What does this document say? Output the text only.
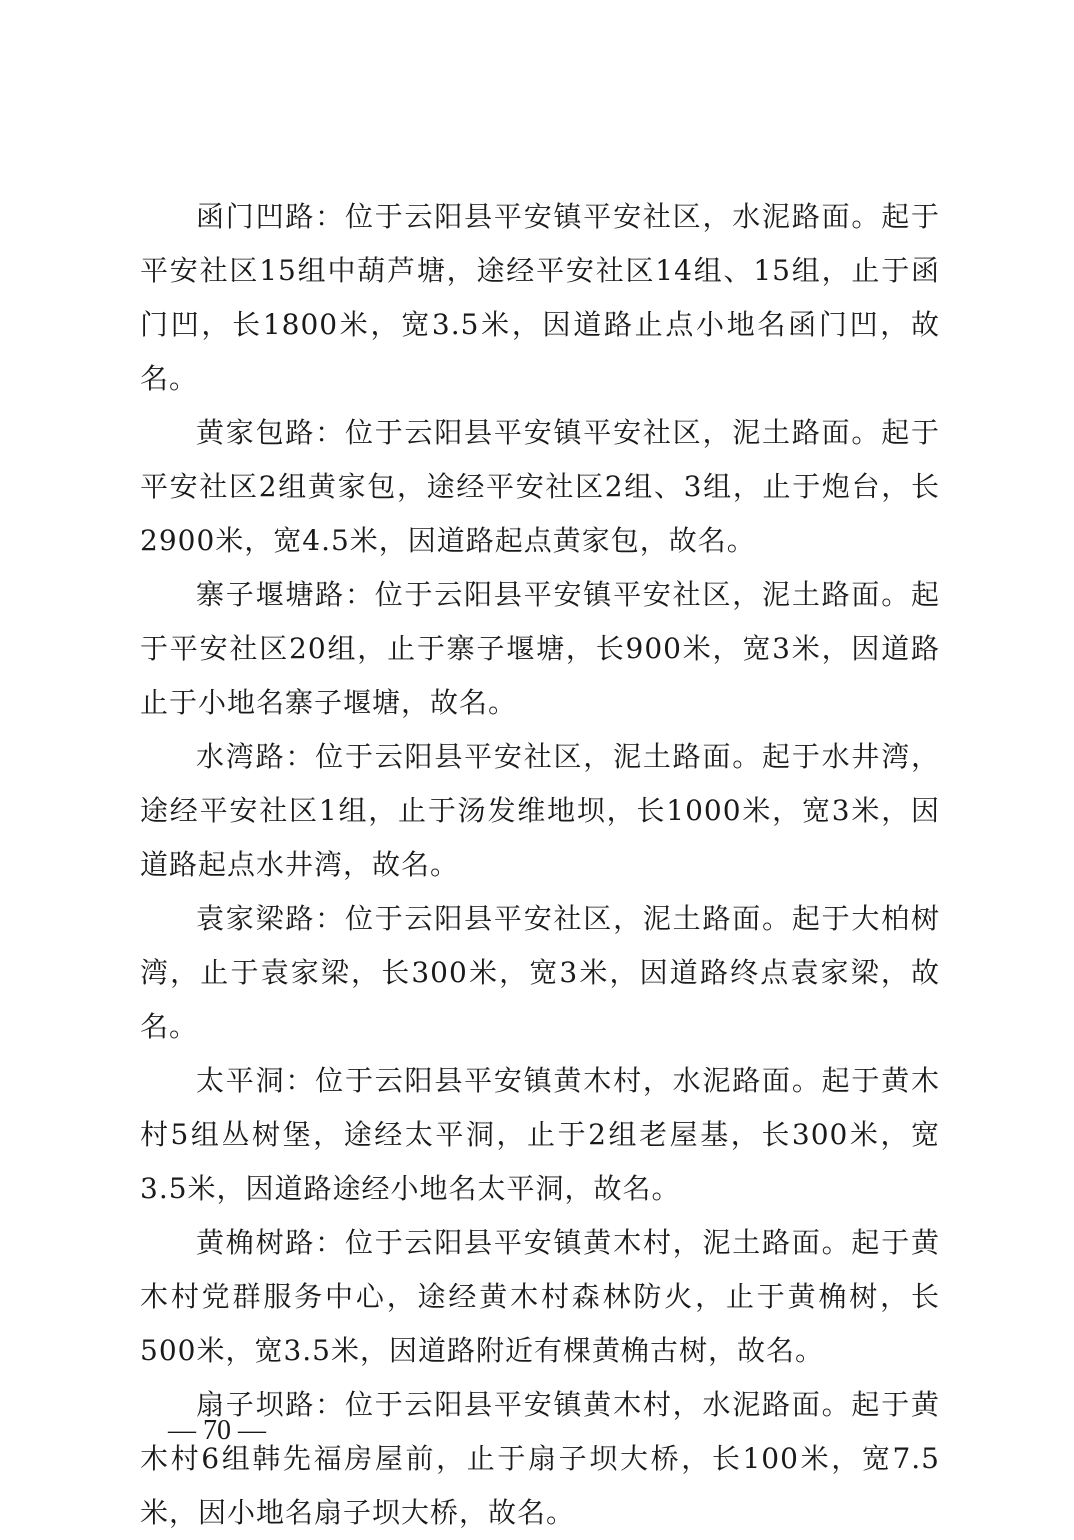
函门凹路：位于云阳县平安镇平安社区，水泥路面。起于平安社区15组中葫芦塘，途经平安社区14组、15组，止于函门凹，长1800米，宽3.5米，因道路止点小地名函门凹，故名。

黄家包路：位于云阳县平安镇平安社区，泥土路面。起于平安社区2组黄家包，途经平安社区2组、3组，止于炮台，长2900米，宽4.5米，因道路起点黄家包，故名。

寨子堰塘路：位于云阳县平安镇平安社区，泥土路面。起于平安社区20组，止于寨子堰塘，长900米，宽3米，因道路止于小地名寨子堰塘，故名。

水湾路：位于云阳县平安社区，泥土路面。起于水井湾，途经平安社区1组，止于汤发维地坝，长1000米，宽3米，因道路起点水井湾，故名。

袁家梁路：位于云阳县平安社区，泥土路面。起于大柏树湾，止于袁家梁，长300米，宽3米，因道路终点袁家梁，故名。

太平洞：位于云阳县平安镇黄木村，水泥路面。起于黄木村5组丛树堡，途经太平洞，止于2组老屋基，长300米，宽3.5米，因道路途经小地名太平洞，故名。

黄桷树路：位于云阳县平安镇黄木村，泥土路面。起于黄木村党群服务中心，途经黄木村森林防火，止于黄桷树，长500米，宽3.5米，因道路附近有棵黄桷古树，故名。

扇子坝路：位于云阳县平安镇黄木村，水泥路面。起于黄木村6组韩先福房屋前，止于扇子坝大桥，长100米，宽7.5米，因小地名扇子坝大桥，故名。

— 70 —
